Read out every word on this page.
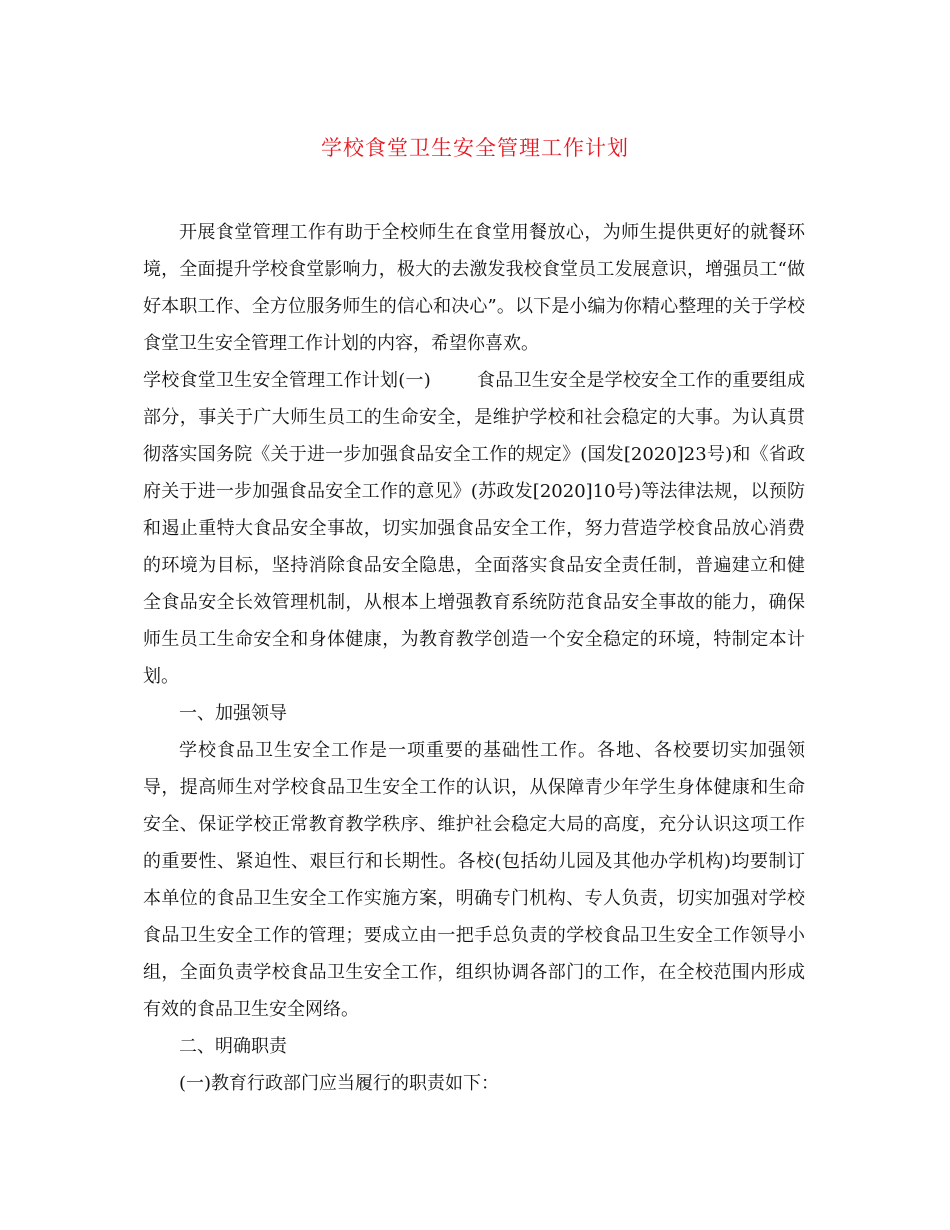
学校食堂卫生安全管理工作计划

开展食堂管理工作有助于全校师生在食堂用餐放心，为师生提供更好的就餐环境，全面提升学校食堂影响力，极大的去激发我校食堂员工发展意识，增强员工“做好本职工作、全方位服务师生的信心和决心”。以下是小编为你精心整理的关于学校食堂卫生安全管理工作计划的内容，希望你喜欢。

学校食堂卫生安全管理工作计划(一)	食品卫生安全是学校安全工作的重要组成部分，事关于广大师生员工的生命安全，是维护学校和社会稳定的大事。为认真贯彻落实国务院《关于进一步加强食品安全工作的规定》(国发[2020]23号)和《省政府关于进一步加强食品安全工作的意见》(苏政发[2020]10号)等法律法规，以预防和遏止重特大食品安全事故，切实加强食品安全工作，努力营造学校食品放心消费的环境为目标，坚持消除食品安全隐患，全面落实食品安全责任制，普遍建立和健全食品安全长效管理机制，从根本上增强教育系统防范食品安全事故的能力，确保师生员工生命安全和身体健康，为教育教学创造一个安全稳定的环境，特制定本计划。

一、加强领导

学校食品卫生安全工作是一项重要的基础性工作。各地、各校要切实加强领导，提高师生对学校食品卫生安全工作的认识，从保障青少年学生身体健康和生命安全、保证学校正常教育教学秩序、维护社会稳定大局的高度，充分认识这项工作的重要性、紧迫性、艰巨行和长期性。各校(包括幼儿园及其他办学机构)均要制订本单位的食品卫生安全工作实施方案，明确专门机构、专人负责，切实加强对学校食品卫生安全工作的管理；要成立由一把手总负责的学校食品卫生安全工作领导小组，全面负责学校食品卫生安全工作，组织协调各部门的工作，在全校范围内形成有效的食品卫生安全网络。

二、明确职责

(一)教育行政部门应当履行的职责如下：
